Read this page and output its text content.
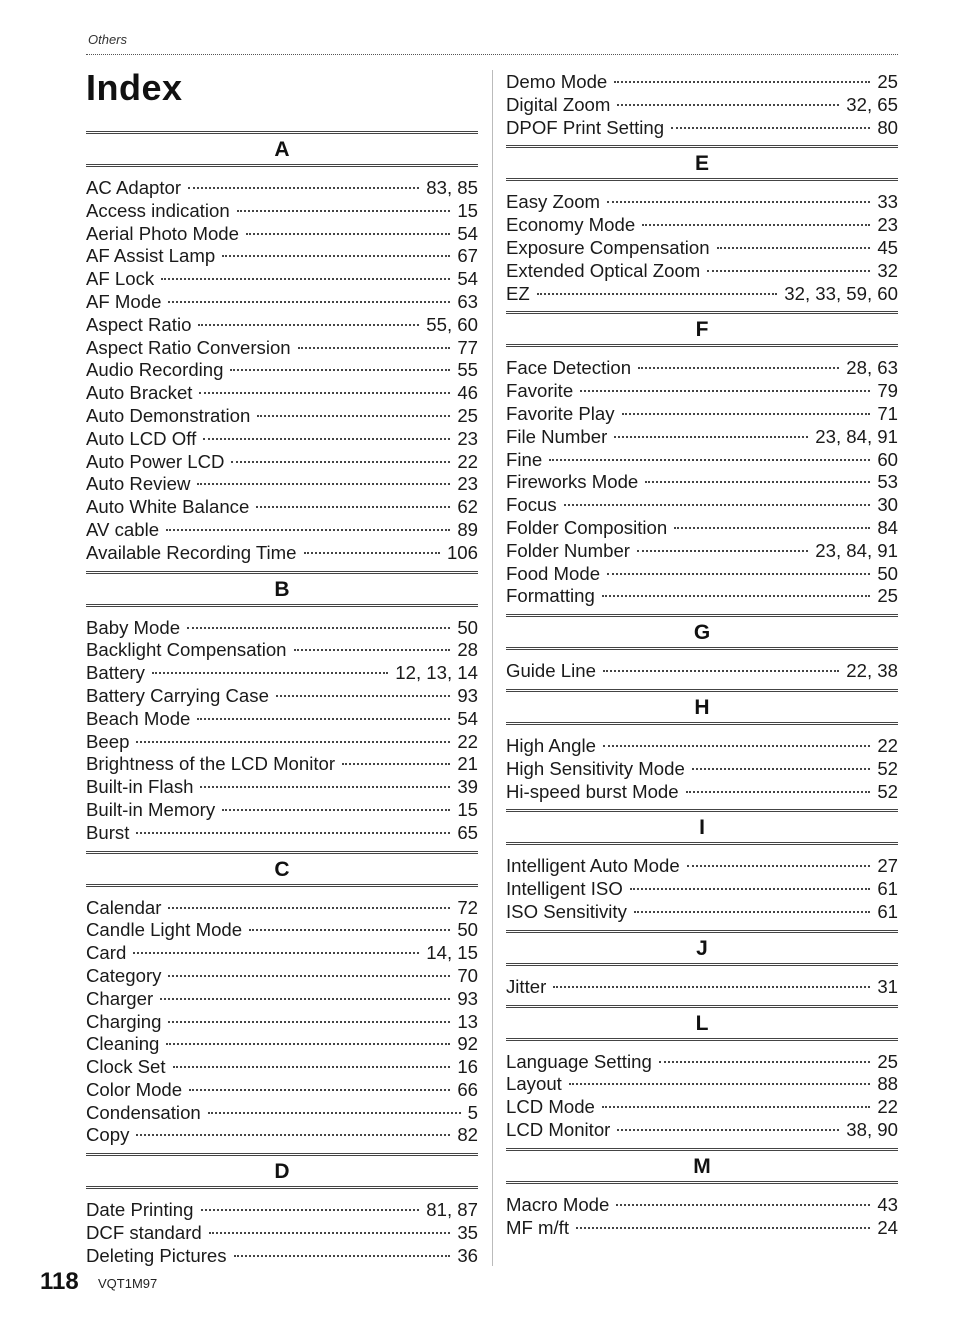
Others
Index
A
AC Adaptor	83, 85
Access indication	15
Aerial Photo Mode	54
AF Assist Lamp	67
AF Lock	54
AF Mode	63
Aspect Ratio	55, 60
Aspect Ratio Conversion	77
Audio Recording	55
Auto Bracket	46
Auto Demonstration	25
Auto LCD Off	23
Auto Power LCD	22
Auto Review	23
Auto White Balance	62
AV cable	89
Available Recording Time	106
B
Baby Mode	50
Backlight Compensation	28
Battery	12, 13, 14
Battery Carrying Case	93
Beach Mode	54
Beep	22
Brightness of the LCD Monitor	21
Built-in Flash	39
Built-in Memory	15
Burst	65
C
Calendar	72
Candle Light Mode	50
Card	14, 15
Category	70
Charger	93
Charging	13
Cleaning	92
Clock Set	16
Color Mode	66
Condensation	5
Copy	82
D
Date Printing	81, 87
DCF standard	35
Deleting Pictures	36
Demo Mode	25
Digital Zoom	32, 65
DPOF Print Setting	80
E
Easy Zoom	33
Economy Mode	23
Exposure Compensation	45
Extended Optical Zoom	32
EZ	32, 33, 59, 60
F
Face Detection	28, 63
Favorite	79
Favorite Play	71
File Number	23, 84, 91
Fine	60
Fireworks Mode	53
Focus	30
Folder Composition	84
Folder Number	23, 84, 91
Food Mode	50
Formatting	25
G
Guide Line	22, 38
H
High Angle	22
High Sensitivity Mode	52
Hi-speed burst Mode	52
I
Intelligent Auto Mode	27
Intelligent ISO	61
ISO Sensitivity	61
J
Jitter	31
L
Language Setting	25
Layout	88
LCD Mode	22
LCD Monitor	38, 90
M
Macro Mode	43
MF m/ft	24
118 VQT1M97
